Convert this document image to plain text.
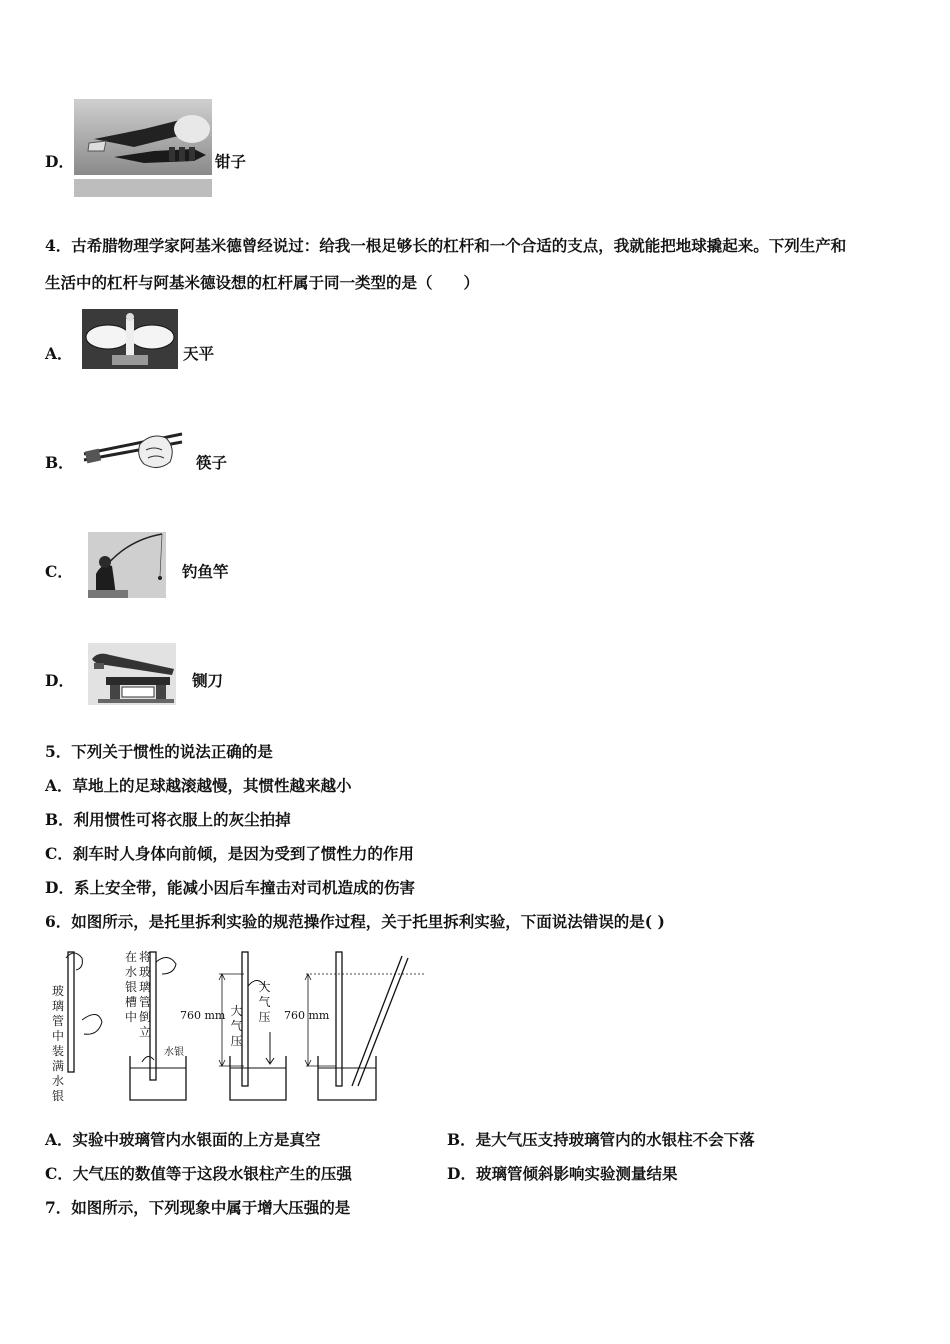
D．	钳子
4．古希腊物理学家阿基米德曾经说过：给我一根足够长的杠杆和一个合适的支点，我就能把地球撬起来。下列生产和
生活中的杠杆与阿基米德设想的杠杆属于同一类型的是（　　）
A．	天平
B．	筷子
C．	钓鱼竿
D．	铡刀
5．下列关于惯性的说法正确的是
A．草地上的足球越滚越慢，其惯性越来越小
B．利用惯性可将衣服上的灰尘拍掉
C．刹车时人身体向前倾，是因为受到了惯性力的作用
D．系上安全带，能减小因后车撞击对司机造成的伤害
6．如图所示，是托里拆利实验的规范操作过程，关于托里拆利实验，下面说法错误的是( )
玻璃管中装满水银
在水银槽中
将玻璃管倒立
水银
760 mm 大气压
大气压 760 mm
A．实验中玻璃管内水银面的上方是真空	B．是大气压支持玻璃管内的水银柱不会下落
C．大气压的数值等于这段水银柱产生的压强	D．玻璃管倾斜影响实验测量结果
7．如图所示，下列现象中属于增大压强的是
